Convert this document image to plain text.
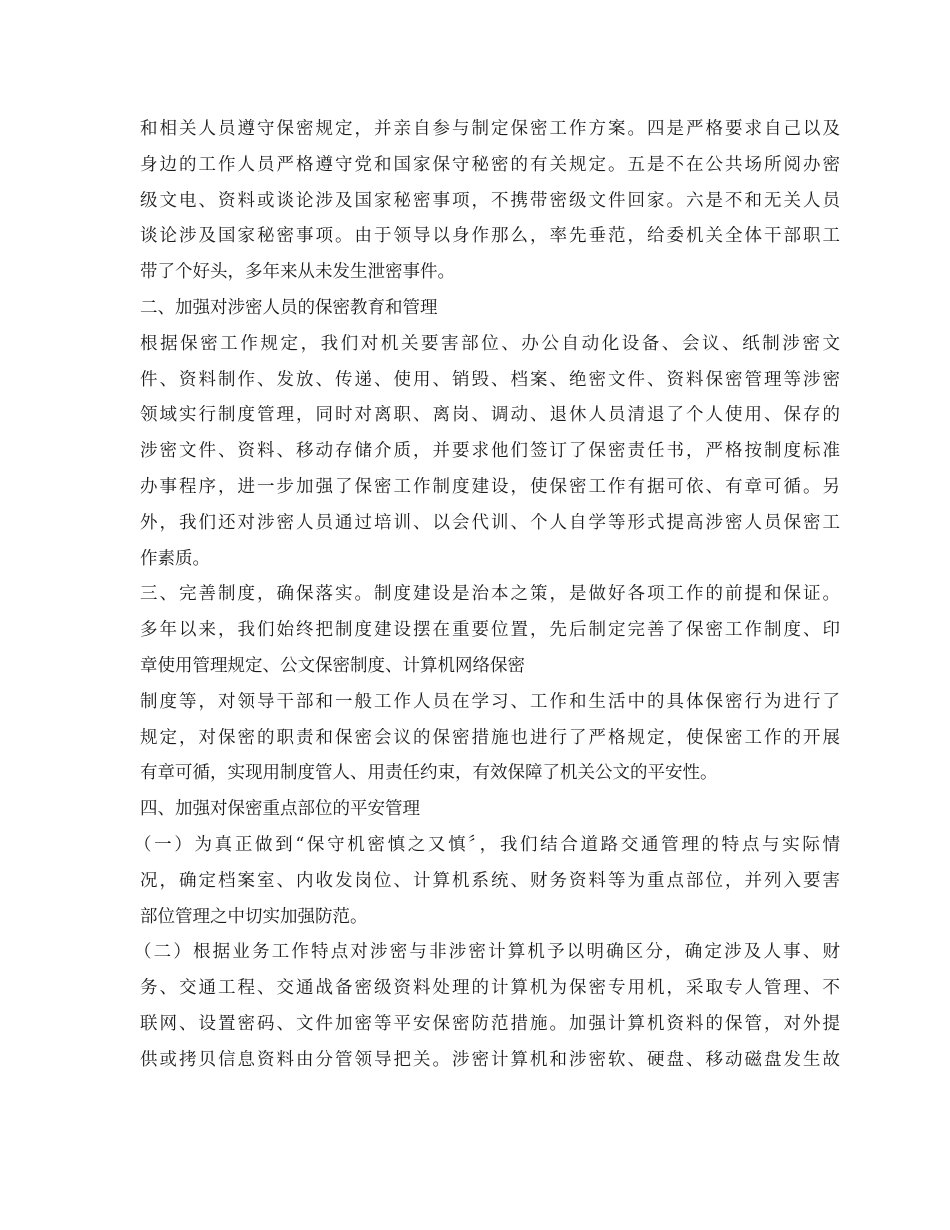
和相关人员遵守保密规定，并亲自参与制定保密工作方案。四是严格要求自己以及
身边的工作人员严格遵守党和国家保守秘密的有关规定。五是不在公共场所阅办密
级文电、资料或谈论涉及国家秘密事项，不携带密级文件回家。六是不和无关人员
谈论涉及国家秘密事项。由于领导以身作那么，率先垂范，给委机关全体干部职工
带了个好头，多年来从未发生泄密事件。
二、加强对涉密人员的保密教育和管理
根据保密工作规定，我们对机关要害部位、办公自动化设备、会议、纸制涉密文
件、资料制作、发放、传递、使用、销毁、档案、绝密文件、资料保密管理等涉密
领域实行制度管理，同时对离职、离岗、调动、退休人员清退了个人使用、保存的
涉密文件、资料、移动存储介质，并要求他们签订了保密责任书，严格按制度标准
办事程序，进一步加强了保密工作制度建设，使保密工作有据可依、有章可循。另
外，我们还对涉密人员通过培训、以会代训、个人自学等形式提高涉密人员保密工
作素质。
三、完善制度，确保落实。制度建设是治本之策，是做好各项工作的前提和保证。
多年以来，我们始终把制度建设摆在重要位置，先后制定完善了保密工作制度、印
章使用管理规定、公文保密制度、计算机网络保密
制度等，对领导干部和一般工作人员在学习、工作和生活中的具体保密行为进行了
规定，对保密的职责和保密会议的保密措施也进行了严格规定，使保密工作的开展
有章可循，实现用制度管人、用责任约束，有效保障了机关公文的平安性。
四、加强对保密重点部位的平安管理
（一）为真正做到“保守机密慎之又慎〞，我们结合道路交通管理的特点与实际情
况，确定档案室、内收发岗位、计算机系统、财务资料等为重点部位，并列入要害
部位管理之中切实加强防范。
（二）根据业务工作特点对涉密与非涉密计算机予以明确区分，确定涉及人事、财
务、交通工程、交通战备密级资料处理的计算机为保密专用机，采取专人管理、不
联网、设置密码、文件加密等平安保密防范措施。加强计算机资料的保管，对外提
供或拷贝信息资料由分管领导把关。涉密计算机和涉密软、硬盘、移动磁盘发生故
